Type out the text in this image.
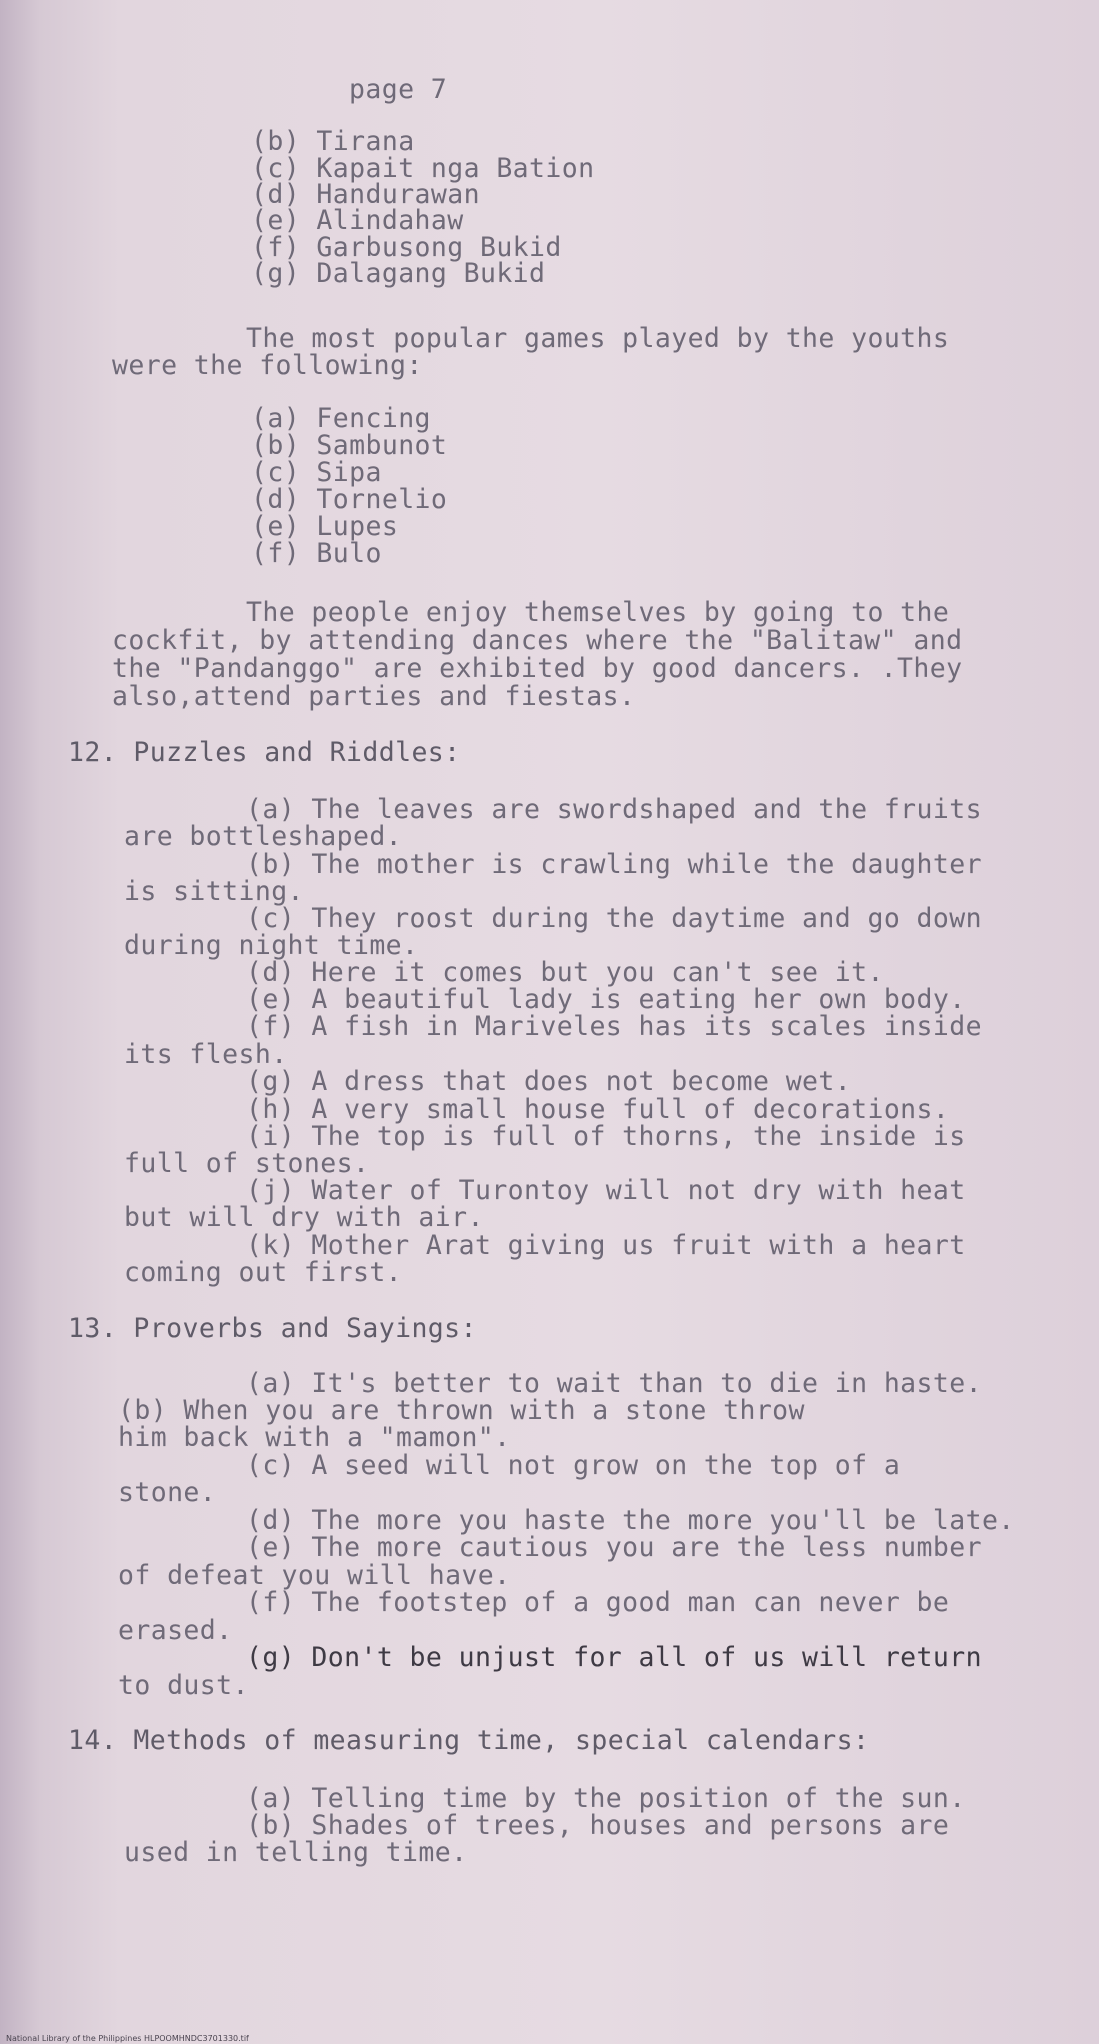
page 7
(b) Tirana
(c) Kapait nga Bation
(d) Handurawan
(e) Alindahaw
(f) Garbusong Bukid
(g) Dalagang Bukid
The most popular games played by the youths
were the following:
(a) Fencing
(b) Sambunot
(c) Sipa
(d) Tornelio
(e) Lupes
(f) Bulo
The people enjoy themselves by going to the
cockfit, by attending dances where the "Balitaw" and
the "Pandanggo" are exhibited by good dancers. .They
also,attend parties and fiestas.
12. Puzzles and Riddles:
(a) The leaves are swordshaped and the fruits
are bottleshaped.
(b) The mother is crawling while the daughter
is sitting.
(c) They roost during the daytime and go down
during night time.
(d) Here it comes but you can't see it.
(e) A beautiful lady is eating her own body.
(f) A fish in Mariveles has its scales inside
its flesh.
(g) A dress that does not become wet.
(h) A very small house full of decorations.
(i) The top is full of thorns, the inside is
full of stones.
(j) Water of Turontoy will not dry with heat
but will dry with air.
(k) Mother Arat giving us fruit with a heart
coming out first.
13. Proverbs and Sayings:
(a) It's better to wait than to die in haste.
(b) When you are thrown with a stone throw
him back with a "mamon".
(c) A seed will not grow on the top of a
stone.
(d) The more you haste the more you'll be late.
(e) The more cautious you are the less number
of defeat you will have.
(f) The footstep of a good man can never be
erased.
(g) Don't be unjust for all of us will return
to dust.
14. Methods of measuring time, special calendars:
(a) Telling time by the position of the sun.
(b) Shades of trees, houses and persons are
used in telling time.
National Library of the Philippines HLPOOMHNDC3701330.tif
